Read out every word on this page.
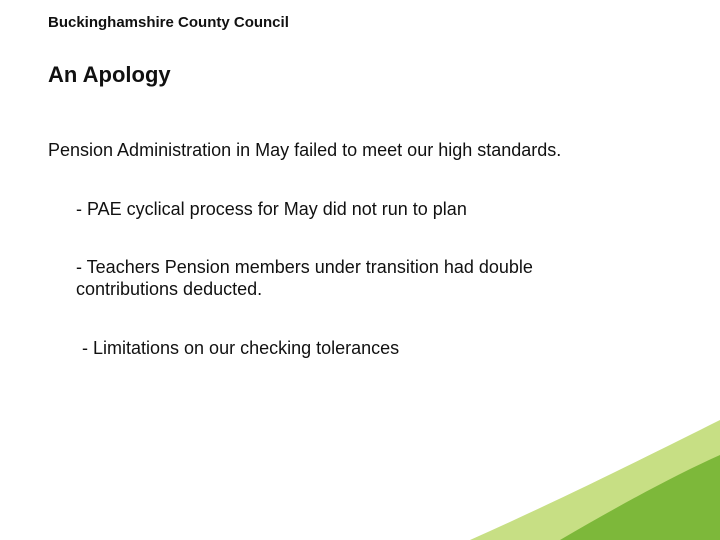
Buckinghamshire County Council
An Apology
Pension Administration in May failed to meet our high standards.
- PAE cyclical process for May did not run to plan
- Teachers Pension members under transition had double contributions deducted.
- Limitations on our checking tolerances
